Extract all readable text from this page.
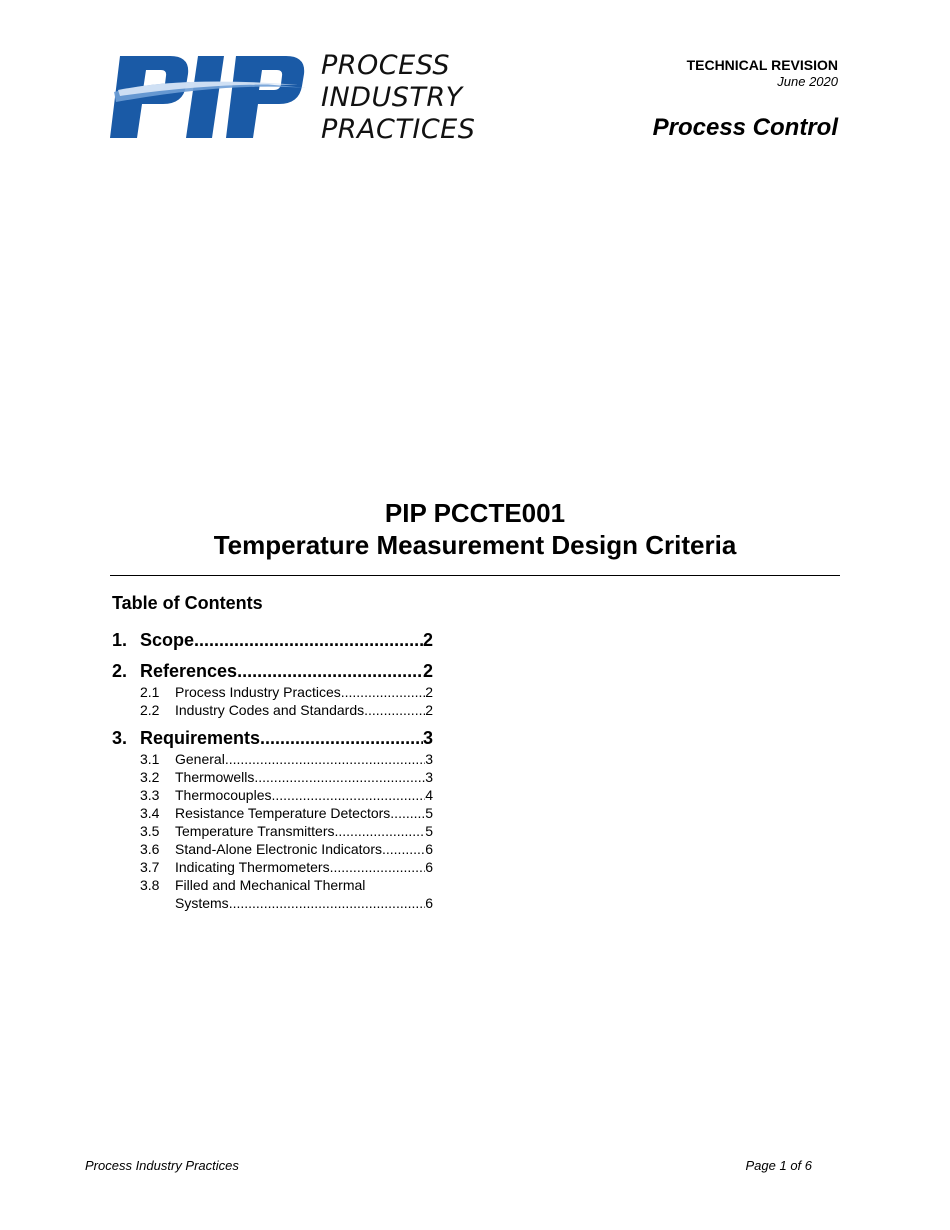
PROCESS
INDUSTRY
PRACTICES
TECHNICAL REVISION
June 2020
Process Control
PIP PCCTE001
Temperature Measurement Design Criteria
Table of Contents
1. Scope .....	2
2. References .....	2
2.1	Process Industry Practices .....	2
2.2	Industry Codes and Standards .....	2
3. Requirements .....	3
3.1	General .....	3
3.2	Thermowells .....	3
3.3	Thermocouples .....	4
3.4	Resistance Temperature Detectors ..... 5
3.5	Temperature Transmitters .....	5
3.6	Stand-Alone Electronic Indicators .....	6
3.7	Indicating Thermometers .....	6
3.8	Filled and Mechanical Thermal
Systems .....	6
Process Industry Practices	Page 1 of 6
